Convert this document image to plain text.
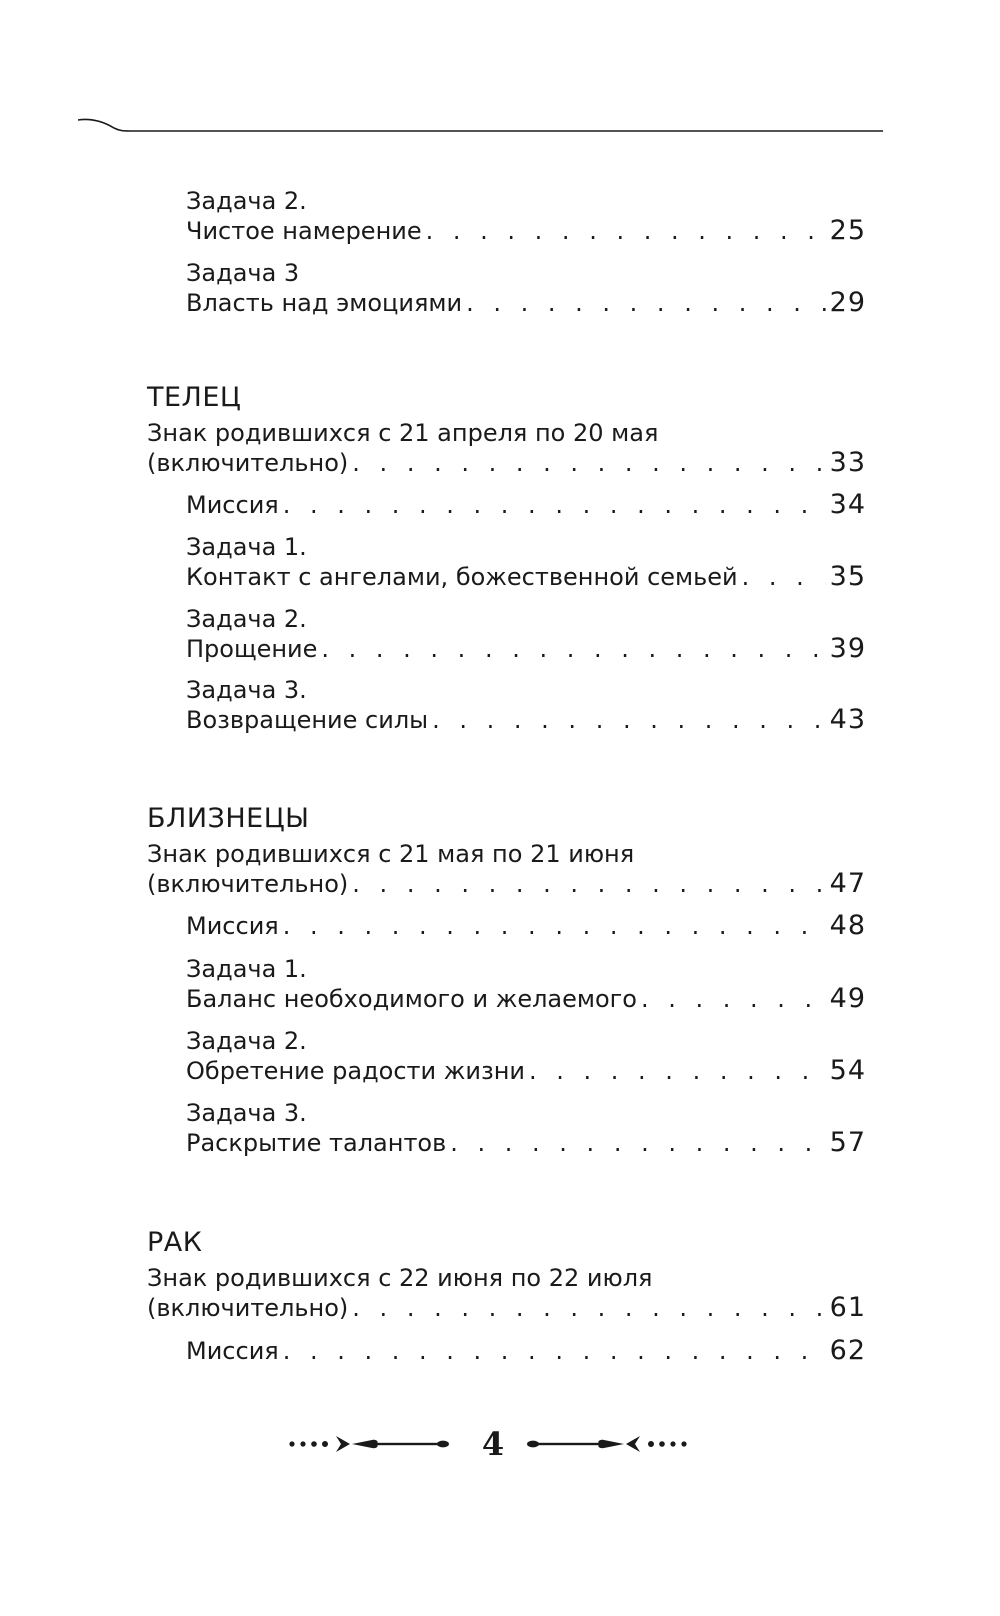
Задача 2.
Чистое намерение . . .	25
Задача 3
Власть над эмоциями . . .	29
ТЕЛЕЦ
Знак родившихся с 21 апреля по 20 мая
(включительно) . . .	33
Миссия . . .	34
Задача 1.
Контакт с ангелами, божественной семьей . . .	35
Задача 2.
Прощение . . .	39
Задача 3.
Возвращение силы . . .	43
БЛИЗНЕЦЫ
Знак родившихся с 21 мая по 21 июня
(включительно) . . .	47
Миссия . . .	48
Задача 1.
Баланс необходимого и желаемого . . .	49
Задача 2.
Обретение радости жизни . . .	54
Задача 3.
Раскрытие талантов . . .	57
РАК
Знак родившихся с 22 июня по 22 июля
(включительно) . . .	61
Миссия . . .	62
4
